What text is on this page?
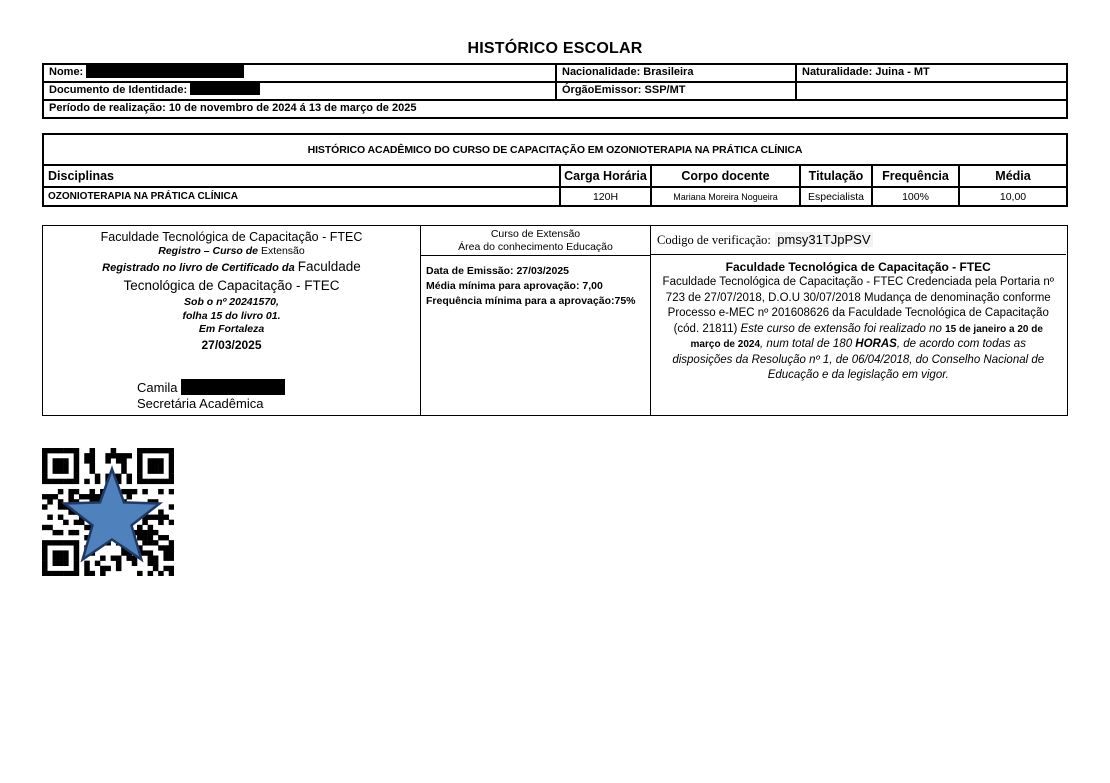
HISTÓRICO ESCOLAR
Nome:	Nacionalidade: Brasileira	Naturalidade: Juina - MT
Documento de Identidade:	ÓrgãoEmissor: SSP/MT
Período de realização: 10 de novembro de 2024 á 13 de março de 2025
HISTÓRICO ACADÊMICO DO CURSO DE CAPACITAÇÃO EM OZONIOTERAPIA NA PRÁTICA CLÍNICA
Disciplinas	Carga Horária	Corpo docente	Titulação	Frequência	Média
OZONIOTERAPIA NA PRÁTICA CLÍNICA	120H	Mariana Moreira Nogueira	Especialista	100%	10,00
Faculdade Tecnológica de Capacitação - FTEC
Registro – Curso de Extensão
Registrado no livro de Certificado da Faculdade Tecnológica de Capacitação - FTEC
Sob o nº 20241570,
folha 15 do livro 01.
Em Fortaleza
27/03/2025
Camila
Secretária Acadêmica
Curso de Extensão
Área do conhecimento Educação
Data de Emissão: 27/03/2025
Média mínima para aprovação: 7,00
Frequência mínima para a aprovação:75%
Codigo de verificação: pmsy31TJpPSV
Faculdade Tecnológica de Capacitação - FTEC
Faculdade Tecnológica de Capacitação - FTEC Credenciada pela Portaria nº 723 de 27/07/2018, D.O.U 30/07/2018 Mudança de denominação conforme Processo e-MEC nº 201608626 da Faculdade Tecnológica de Capacitação (cód. 21811) Este curso de extensão foi realizado no 15 de janeiro a 20 de março de 2024, num total de 180 HORAS, de acordo com todas as disposições da Resolução nº 1, de 06/04/2018, do Conselho Nacional de Educação e da legislação em vigor.
